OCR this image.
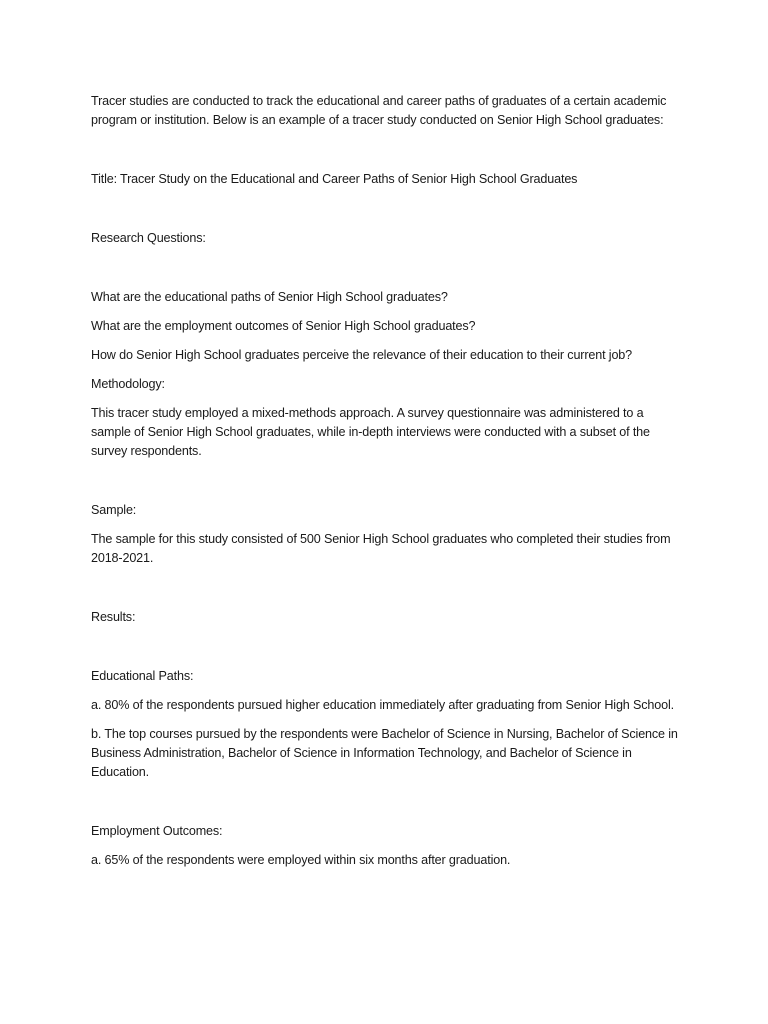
Tracer studies are conducted to track the educational and career paths of graduates of a certain academic program or institution. Below is an example of a tracer study conducted on Senior High School graduates:

Title: Tracer Study on the Educational and Career Paths of Senior High School Graduates

Research Questions:

What are the educational paths of Senior High School graduates?

What are the employment outcomes of Senior High School graduates?

How do Senior High School graduates perceive the relevance of their education to their current job?

Methodology:

This tracer study employed a mixed-methods approach. A survey questionnaire was administered to a sample of Senior High School graduates, while in-depth interviews were conducted with a subset of the survey respondents.

Sample:

The sample for this study consisted of 500 Senior High School graduates who completed their studies from 2018-2021.

Results:

Educational Paths:

a. 80% of the respondents pursued higher education immediately after graduating from Senior High School.

b. The top courses pursued by the respondents were Bachelor of Science in Nursing, Bachelor of Science in Business Administration, Bachelor of Science in Information Technology, and Bachelor of Science in Education.

Employment Outcomes:

a. 65% of the respondents were employed within six months after graduation.
